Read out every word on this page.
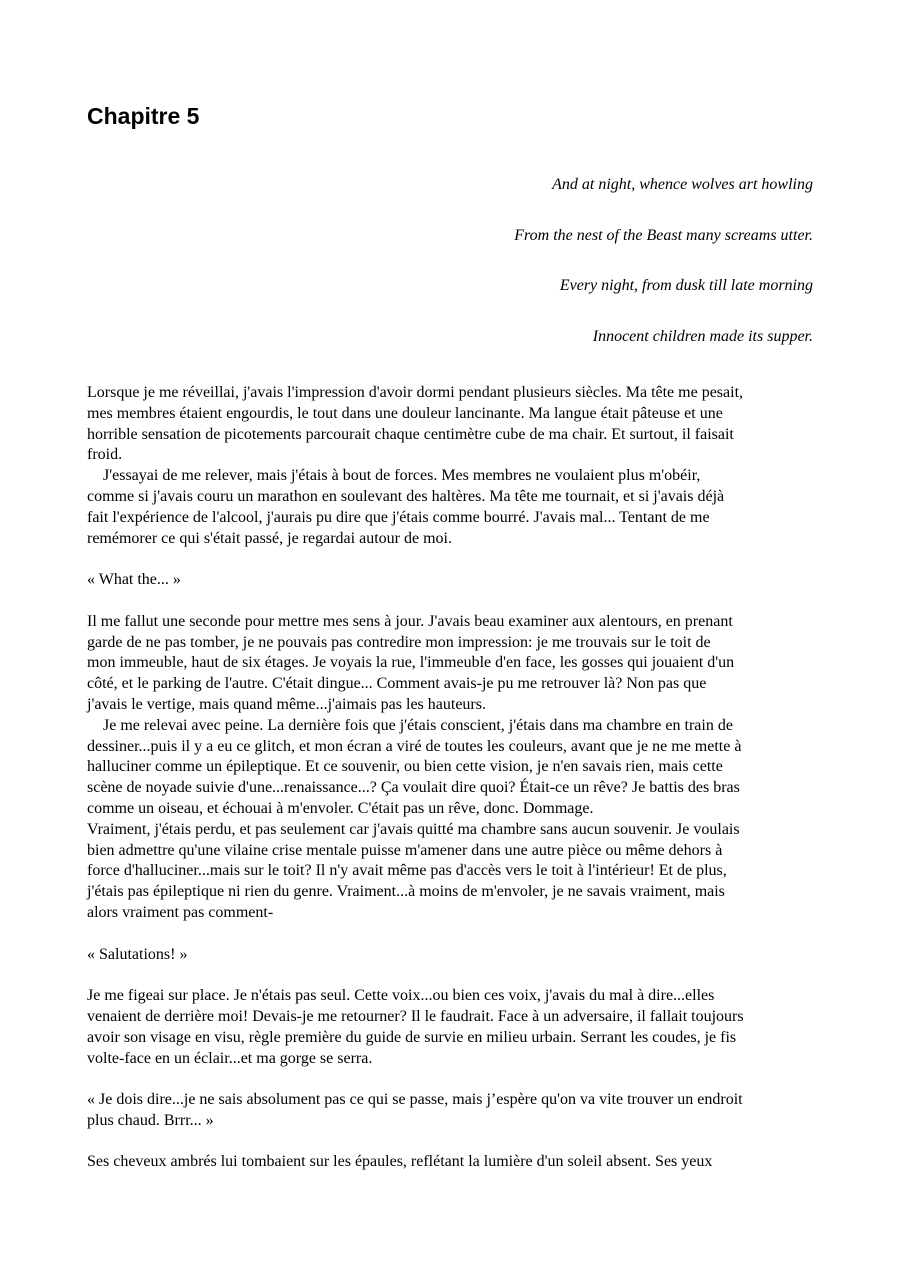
Chapitre 5
And at night, whence wolves art howling
From the nest of the Beast many screams utter.
Every night, from dusk till late morning
Innocent children made its supper.
Lorsque je me réveillai, j'avais l'impression d'avoir dormi pendant plusieurs siècles. Ma tête me pesait,
mes membres étaient engourdis, le tout dans une douleur lancinante. Ma langue était pâteuse et une
horrible sensation de picotements parcourait chaque centimètre cube de ma chair. Et surtout, il faisait
froid.
J'essayai de me relever, mais j'étais à bout de forces. Mes membres ne voulaient plus m'obéir,
comme si j'avais couru un marathon en soulevant des haltères. Ma tête me tournait, et si j'avais déjà
fait l'expérience de l'alcool, j'aurais pu dire que j'étais comme bourré. J'avais mal... Tentant de me
remémorer ce qui s'était passé, je regardai autour de moi.
« What the... »
Il me fallut une seconde pour mettre mes sens à jour. J'avais beau examiner aux alentours, en prenant
garde de ne pas tomber, je ne pouvais pas contredire mon impression: je me trouvais sur le toit de
mon immeuble, haut de six étages. Je voyais la rue, l'immeuble d'en face, les gosses qui jouaient d'un
côté, et le parking de l'autre. C'était dingue... Comment avais-je pu me retrouver là? Non pas que
j'avais le vertige, mais quand même...j'aimais pas les hauteurs.
Je me relevai avec peine. La dernière fois que j'étais conscient, j'étais dans ma chambre en train de
dessiner...puis il y a eu ce glitch, et mon écran a viré de toutes les couleurs, avant que je ne me mette à
halluciner comme un épileptique. Et ce souvenir, ou bien cette vision, je n'en savais rien, mais cette
scène de noyade suivie d'une...renaissance...? Ça voulait dire quoi? Était-ce un rêve? Je battis des bras
comme un oiseau, et échouai à m'envoler. C'était pas un rêve, donc. Dommage.
Vraiment, j'étais perdu, et pas seulement car j'avais quitté ma chambre sans aucun souvenir. Je voulais
bien admettre qu'une vilaine crise mentale puisse m'amener dans une autre pièce ou même dehors à
force d'halluciner...mais sur le toit? Il n'y avait même pas d'accès vers le toit à l'intérieur! Et de plus,
j'étais pas épileptique ni rien du genre. Vraiment...à moins de m'envoler, je ne savais vraiment, mais
alors vraiment pas comment-
« Salutations! »
Je me figeai sur place. Je n'étais pas seul. Cette voix...ou bien ces voix, j'avais du mal à dire...elles
venaient de derrière moi! Devais-je me retourner? Il le faudrait. Face à un adversaire, il fallait toujours
avoir son visage en visu, règle première du guide de survie en milieu urbain. Serrant les coudes, je fis
volte-face en un éclair...et ma gorge se serra.
« Je dois dire...je ne sais absolument pas ce qui se passe, mais j’espère qu'on va vite trouver un endroit
plus chaud. Brrr... »
Ses cheveux ambrés lui tombaient sur les épaules, reflétant la lumière d'un soleil absent. Ses yeux
